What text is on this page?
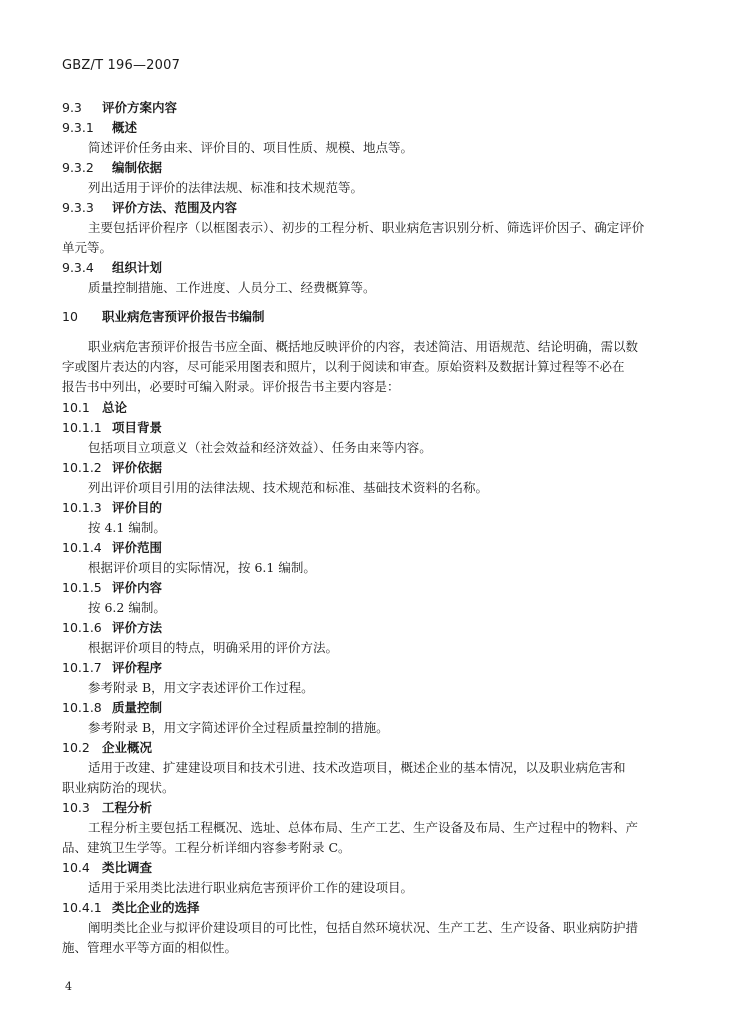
GBZ/T 196—2007
9.3 评价方案内容
9.3.1 概述
简述评价任务由来、评价目的、项目性质、规模、地点等。
9.3.2 编制依据
列出适用于评价的法律法规、标准和技术规范等。
9.3.3 评价方法、范围及内容
主要包括评价程序（以框图表示）、初步的工程分析、职业病危害识别分析、筛选评价因子、确定评价
单元等。
9.3.4 组织计划
质量控制措施、工作进度、人员分工、经费概算等。
10 职业病危害预评价报告书编制
职业病危害预评价报告书应全面、概括地反映评价的内容，表述简洁、用语规范、结论明确，需以数
字或图片表达的内容，尽可能采用图表和照片，以利于阅读和审查。原始资料及数据计算过程等不必在
报告书中列出，必要时可编入附录。评价报告书主要内容是：
10.1 总论
10.1.1 项目背景
包括项目立项意义（社会效益和经济效益）、任务由来等内容。
10.1.2 评价依据
列出评价项目引用的法律法规、技术规范和标准、基础技术资料的名称。
10.1.3 评价目的
按 4.1 编制。
10.1.4 评价范围
根据评价项目的实际情况，按 6.1 编制。
10.1.5 评价内容
按 6.2 编制。
10.1.6 评价方法
根据评价项目的特点，明确采用的评价方法。
10.1.7 评价程序
参考附录 B，用文字表述评价工作过程。
10.1.8 质量控制
参考附录 B，用文字简述评价全过程质量控制的措施。
10.2 企业概况
适用于改建、扩建建设项目和技术引进、技术改造项目，概述企业的基本情况，以及职业病危害和
职业病防治的现状。
10.3 工程分析
工程分析主要包括工程概况、选址、总体布局、生产工艺、生产设备及布局、生产过程中的物料、产
品、建筑卫生学等。工程分析详细内容参考附录 C。
10.4 类比调查
适用于采用类比法进行职业病危害预评价工作的建设项目。
10.4.1 类比企业的选择
阐明类比企业与拟评价建设项目的可比性，包括自然环境状况、生产工艺、生产设备、职业病防护措
施、管理水平等方面的相似性。
4
